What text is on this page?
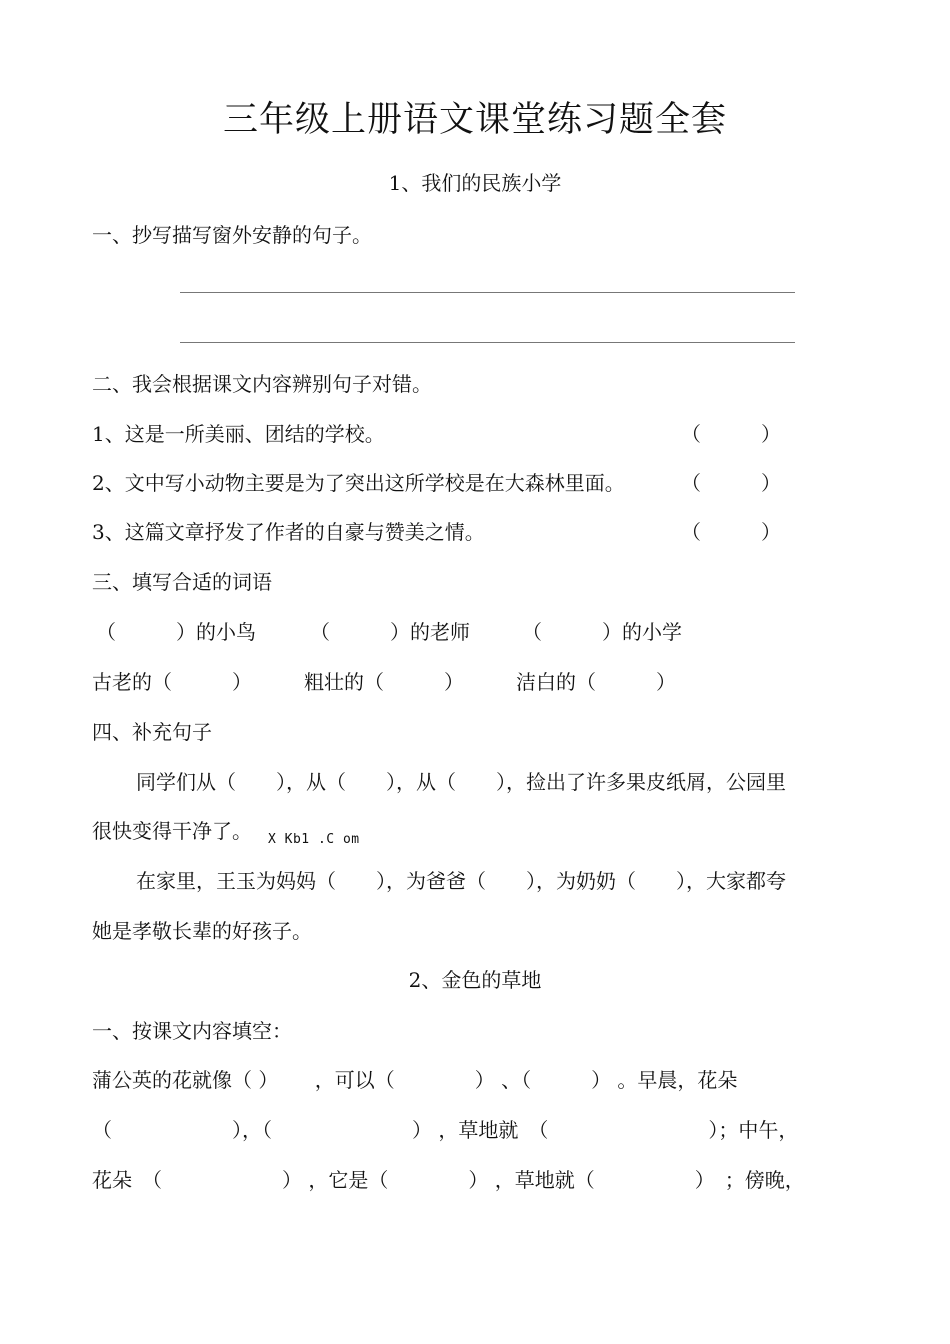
三年级上册语文课堂练习题全套
1、我们的民族小学

一、抄写描写窗外安静的句子。

二、我会根据课文内容辨别句子对错。

1、这是一所美丽、团结的学校。	（　　　）

2、文中写小动物主要是为了突出这所学校是在大森林里面。	（　　　）

3、这篇文章抒发了作者的自豪与赞美之情。	（　　　）

三、填写合适的词语

（　　　）的小鸟	（　　　）的老师	（　　　）的小学

古老的（　　　）	粗壮的（　　　）	洁白的（　　　）

四、补充句子

同学们从（　　），从（　　），从（　　），捡出了许多果皮纸屑，公园里

很快变得干净了。 X Kb1 .C om

在家里，王玉为妈妈（　　），为爸爸（　　），为奶奶（　　），大家都夸

她是孝敬长辈的好孩子。

2、金色的草地

一、按课文内容填空：

蒲公英的花就像（ ）　　 ，可以（　　　　） 、（　　　） 。早晨，花朵

（　　　　　　），（　　　　　　　） ，草地就　（　　　　　　　　）；中午，

花朵　（　　　　　　） ，它是（　　　　） ，草地就（　　　　　）　；傍晚，
